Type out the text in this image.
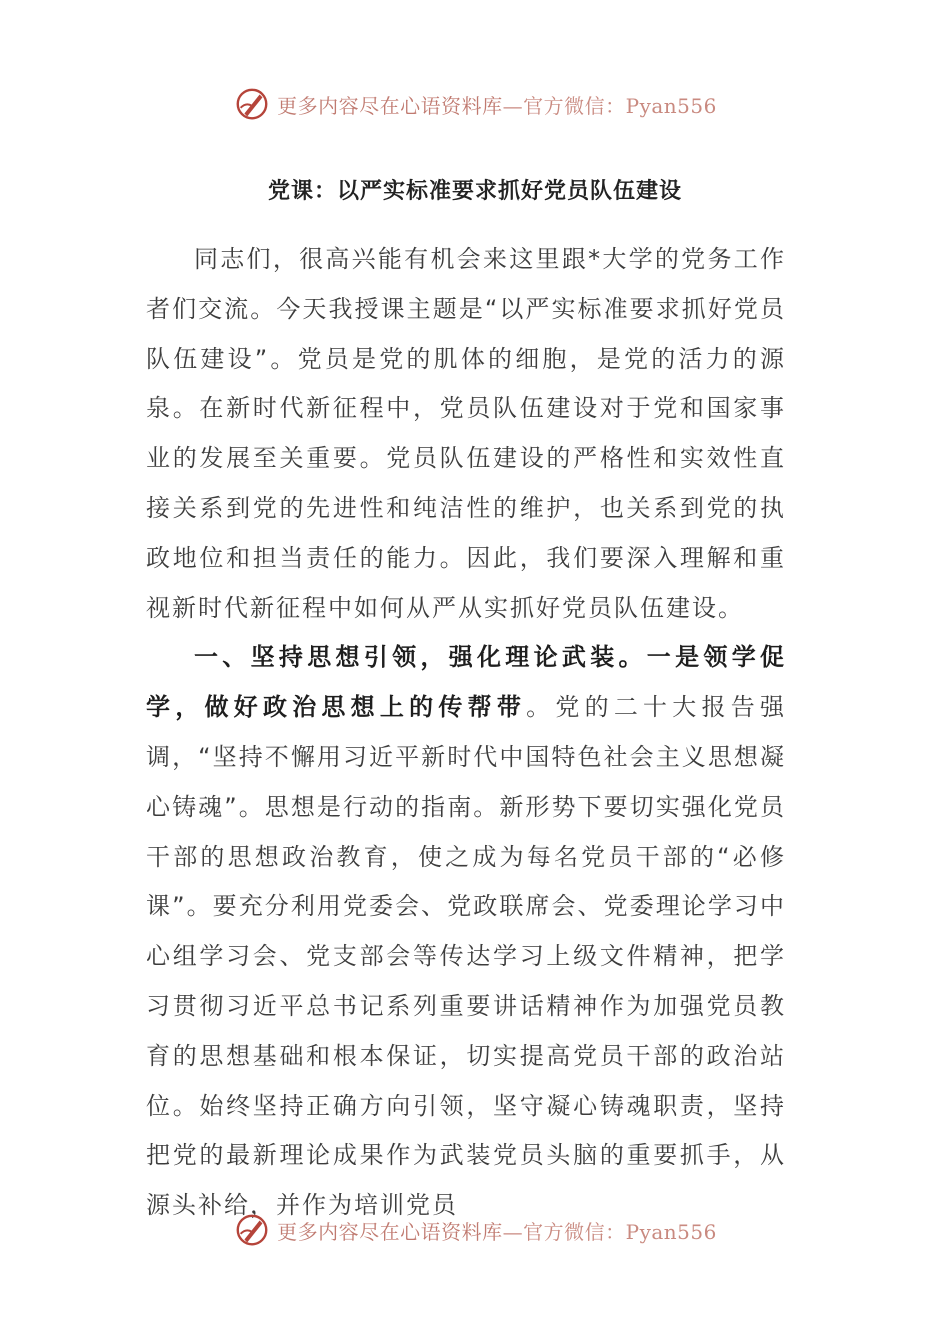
更多内容尽在心语资料库—官方微信：Pyan556
党课：以严实标准要求抓好党员队伍建设

同志们，很高兴能有机会来这里跟*大学的党务工作者们交流。今天我授课主题是“以严实标准要求抓好党员队伍建设”。党员是党的肌体的细胞，是党的活力的源泉。在新时代新征程中，党员队伍建设对于党和国家事业的发展至关重要。党员队伍建设的严格性和实效性直接关系到党的先进性和纯洁性的维护，也关系到党的执政地位和担当责任的能力。因此，我们要深入理解和重视新时代新征程中如何从严从实抓好党员队伍建设。

一、坚持思想引领，强化理论武装。一是领学促学，做好政治思想上的传帮带。党的二十大报告强调，“坚持不懈用习近平新时代中国特色社会主义思想凝心铸魂”。思想是行动的指南。新形势下要切实强化党员干部的思想政治教育，使之成为每名党员干部的“必修课”。要充分利用党委会、党政联席会、党委理论学习中心组学习会、党支部会等传达学习上级文件精神，把学习贯彻习近平总书记系列重要讲话精神作为加强党员教育的思想基础和根本保证，切实提高党员干部的政治站位。始终坚持正确方向引领，坚守凝心铸魂职责，坚持把党的最新理论成果作为武装党员头脑的重要抓手，从源头补给，并作为培训党员

更多内容尽在心语资料库—官方微信：Pyan556
